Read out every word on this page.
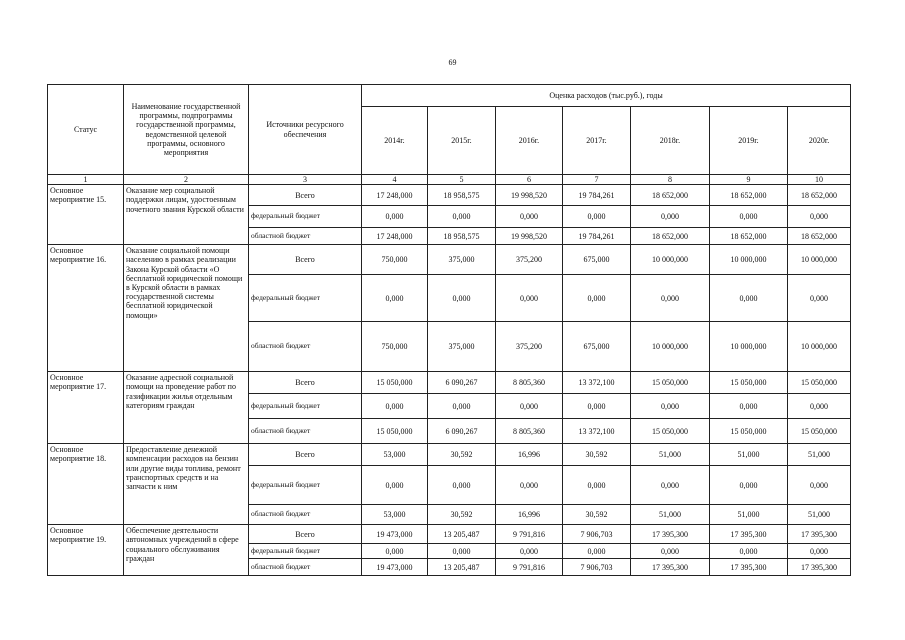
69
Статус	Наименование государственной программы, подпрограммы государственной программы, ведомственной целевой программы, основного мероприятия	Источники ресурсного обеспечения	Оценка расходов (тыс.руб.), годы						
			2014г.	2015г.	2016г.	2017г.	2018г.	2019г.	2020г.
1	2	3	4	5	6	7	8	9	10
Основное мероприятие 15.	Оказание мер социальной поддержки лицам, удостоенным почетного звания Курской области	Всего	17 248,000	18 958,575	19 998,520	19 784,261	18 652,000	18 652,000	18 652,000
		федеральный бюджет	0,000	0,000	0,000	0,000	0,000	0,000	0,000
		областной бюджет	17 248,000	18 958,575	19 998,520	19 784,261	18 652,000	18 652,000	18 652,000
Основное мероприятие 16.	Оказание социальной помощи населению в рамках реализации Закона Курской области «О бесплатной юридической помощи в Курской области в рамках государственной системы бесплатной юридической помощи»	Всего	750,000	375,000	375,200	675,000	10 000,000	10 000,000	10 000,000
		федеральный бюджет	0,000	0,000	0,000	0,000	0,000	0,000	0,000
		областной бюджет	750,000	375,000	375,200	675,000	10 000,000	10 000,000	10 000,000
Основное мероприятие 17.	Оказание адресной социальной помощи на проведение работ по газификации жилья отдельным категориям граждан	Всего	15 050,000	6 090,267	8 805,360	13 372,100	15 050,000	15 050,000	15 050,000
		федеральный бюджет	0,000	0,000	0,000	0,000	0,000	0,000	0,000
		областной бюджет	15 050,000	6 090,267	8 805,360	13 372,100	15 050,000	15 050,000	15 050,000
Основное мероприятие 18.	Предоставление денежной компенсации расходов на бензин или другие виды топлива, ремонт транспортных средств и на запчасти к ним	Всего	53,000	30,592	16,996	30,592	51,000	51,000	51,000
		федеральный бюджет	0,000	0,000	0,000	0,000	0,000	0,000	0,000
		областной бюджет	53,000	30,592	16,996	30,592	51,000	51,000	51,000
Основное мероприятие 19.	Обеспечение деятельности автономных учреждений в сфере социального обслуживания граждан	Всего	19 473,000	13 205,487	9 791,816	7 906,703	17 395,300	17 395,300	17 395,300
		федеральный бюджет	0,000	0,000	0,000	0,000	0,000	0,000	0,000
		областной бюджет	19 473,000	13 205,487	9 791,816	7 906,703	17 395,300	17 395,300	17 395,300
